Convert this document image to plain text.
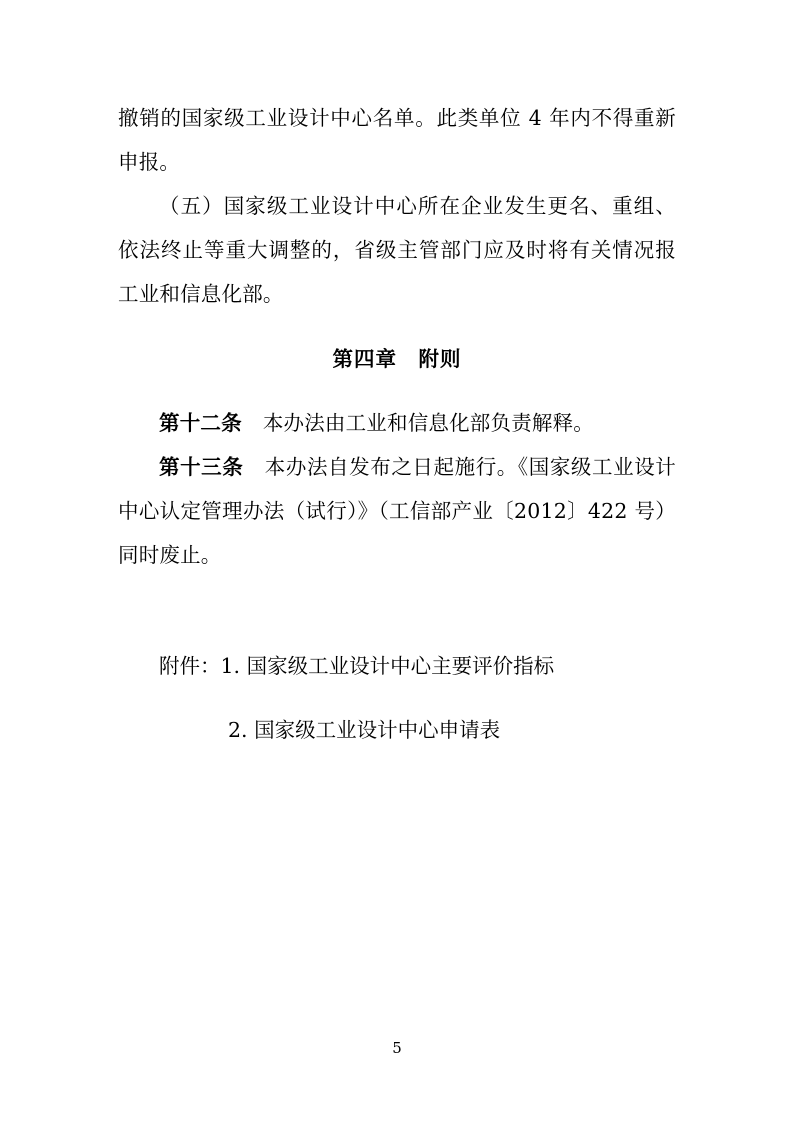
撤销的国家级工业设计中心名单。此类单位 4 年内不得重新申报。

（五）国家级工业设计中心所在企业发生更名、重组、依法终止等重大调整的，省级主管部门应及时将有关情况报工业和信息化部。

第四章　附则

第十二条　 本办法由工业和信息化部负责解释。

第十三条　 本办法自发布之日起施行。《国家级工业设计中心认定管理办法（试行）》（工信部产业〔2012〕422 号）同时废止。

附件：1. 国家级工业设计中心主要评价指标

2. 国家级工业设计中心申请表

5
